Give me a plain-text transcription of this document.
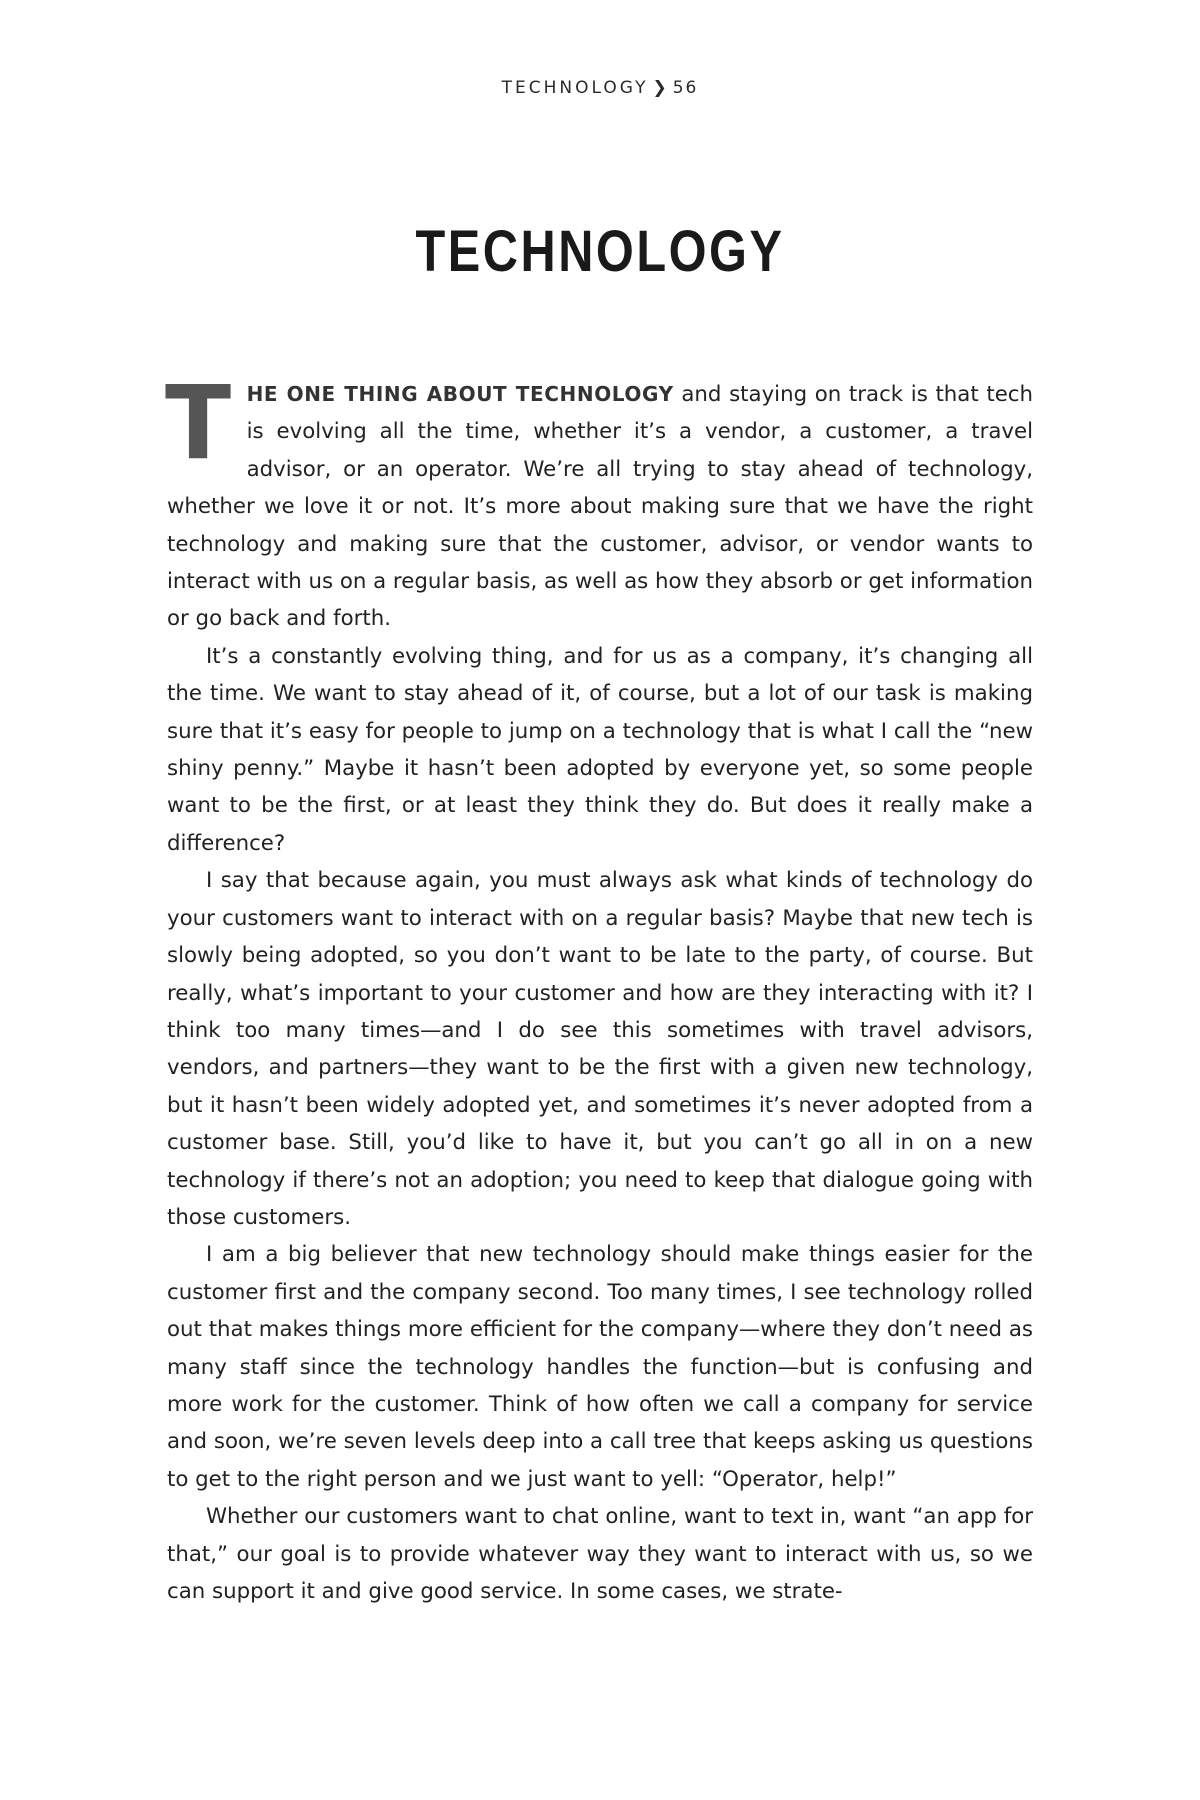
TECHNOLOGY ❯ 56
TECHNOLOGY

THE ONE THING ABOUT TECHNOLOGY and staying on track is that tech is evolving all the time, whether it’s a vendor, a customer, a travel advisor, or an operator. We’re all trying to stay ahead of technology, whether we love it or not. It’s more about making sure that we have the right technology and making sure that the customer, advisor, or vendor wants to interact with us on a regular basis, as well as how they absorb or get information or go back and forth.

It’s a constantly evolving thing, and for us as a company, it’s changing all the time. We want to stay ahead of it, of course, but a lot of our task is making sure that it’s easy for people to jump on a technology that is what I call the “new shiny penny.” Maybe it hasn’t been adopted by everyone yet, so some people want to be the first, or at least they think they do. But does it really make a difference?

I say that because again, you must always ask what kinds of technology do your customers want to interact with on a regular basis? Maybe that new tech is slowly being adopted, so you don’t want to be late to the party, of course. But really, what’s important to your customer and how are they interacting with it? I think too many times—and I do see this sometimes with travel advisors, vendors, and partners—they want to be the first with a given new technology, but it hasn’t been widely adopted yet, and sometimes it’s never adopted from a customer base. Still, you’d like to have it, but you can’t go all in on a new technology if there’s not an adoption; you need to keep that dialogue going with those customers.

I am a big believer that new technology should make things easier for the customer first and the company second. Too many times, I see technology rolled out that makes things more efficient for the company—where they don’t need as many staff since the technology handles the function—but is confusing and more work for the customer. Think of how often we call a company for service and soon, we’re seven levels deep into a call tree that keeps asking us questions to get to the right person and we just want to yell: “Operator, help!”

Whether our customers want to chat online, want to text in, want “an app for that,” our goal is to provide whatever way they want to interact with us, so we can support it and give good service. In some cases, we strate-
